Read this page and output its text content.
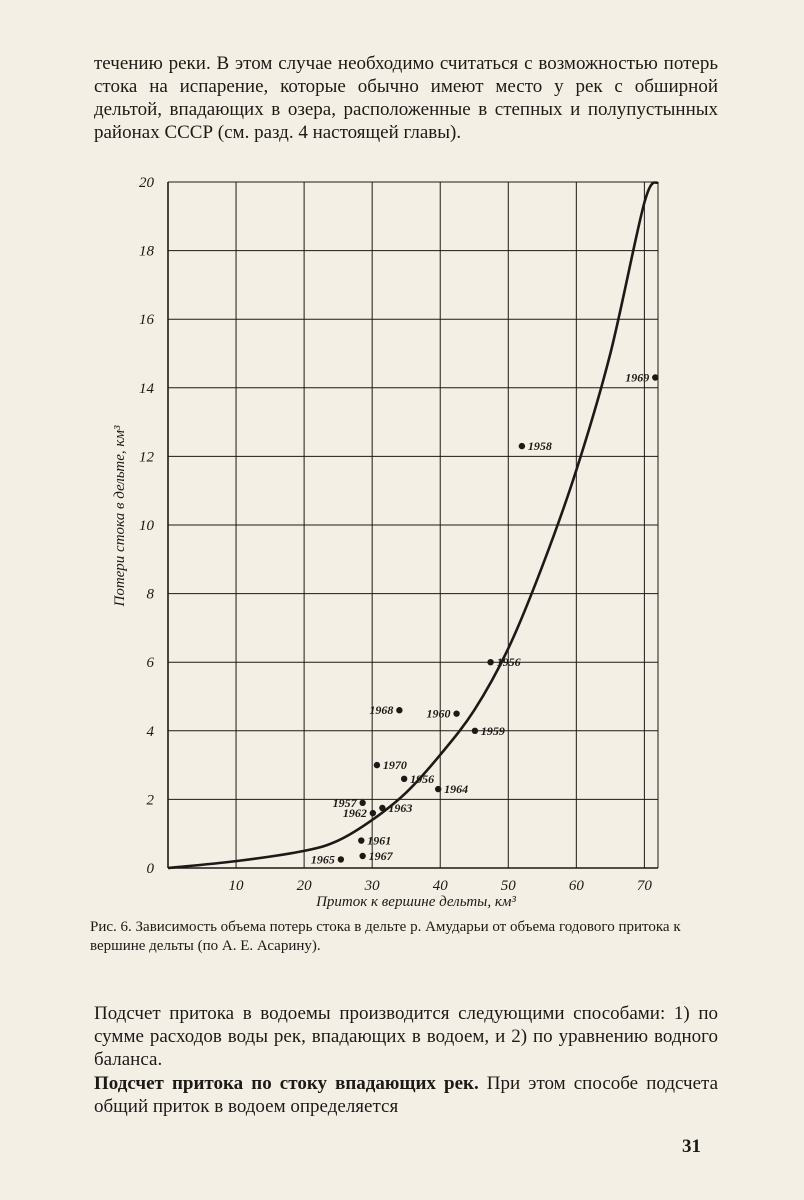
течению реки. В этом случае необходимо считаться с возможностью потерь стока на испарение, которые обычно имеют место у рек с обширной дельтой, впадающих в озера, расположенные в степных и полупустынных районах СССР (см. разд. 4 настоящей главы).

10	20	30	40	50	60	70
0
2
4
6
8
10
12
14
16
18
20
1957
1962 1963
1961
1967
1965
1970
1956
1964
1968	1960
1959
1956
1958
1969
Потери стока в дельте, км³
Приток к вершине дельты, км³

Рис. 6. Зависимость объема потерь стока в дельте р. Амударьи от объема годового притока к вершине дельты (по А. Е. Асарину).

Подсчет притока в водоемы производится следующими способами: 1) по сумме расходов воды рек, впадающих в водоем, и 2) по уравнению водного баланса.

Подсчет притока по стоку впадающих рек. При этом способе подсчета общий приток в водоем определяется

31
